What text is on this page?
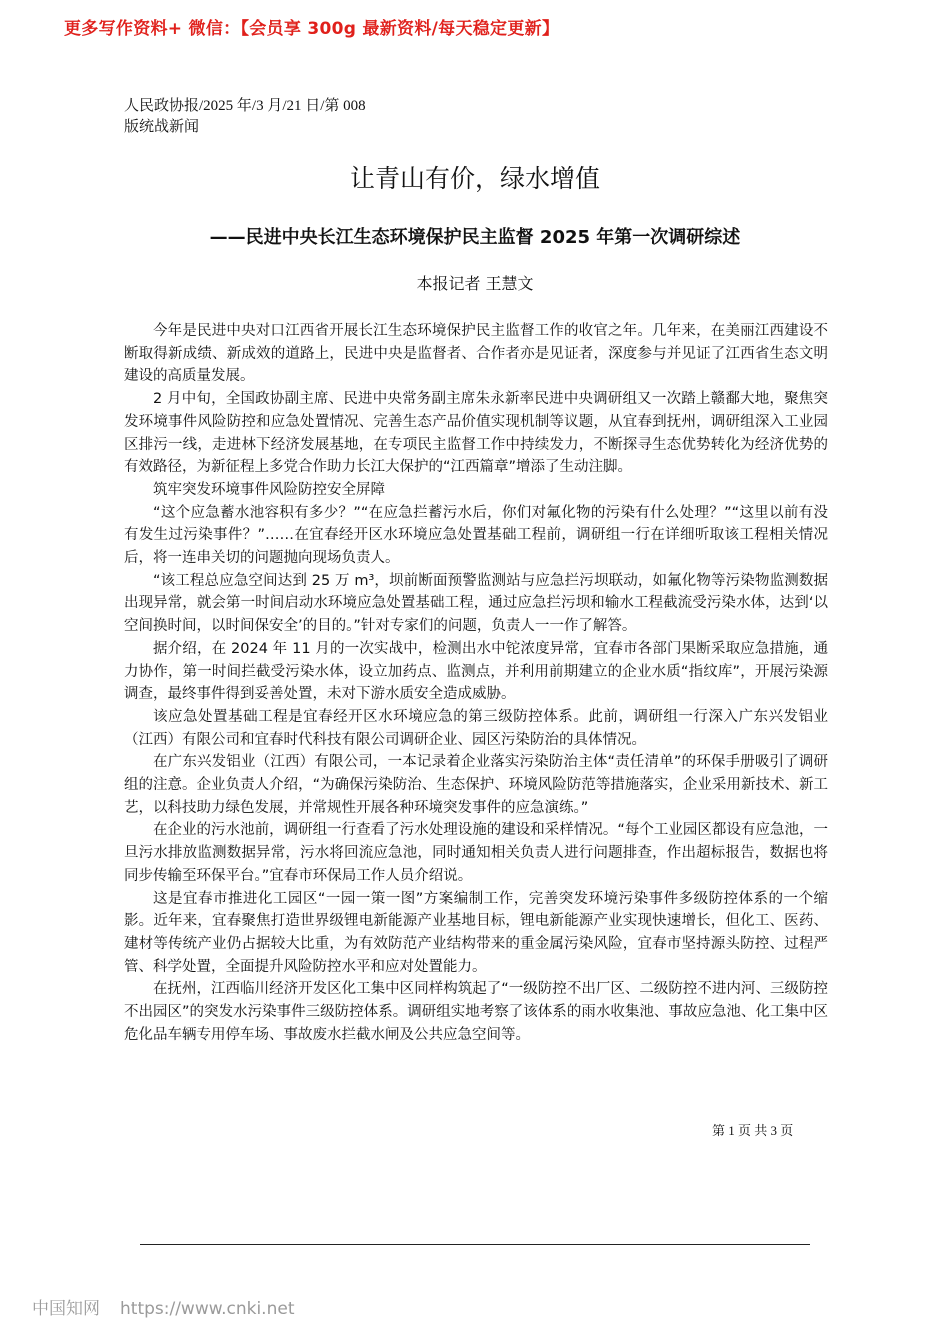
更多写作资料+ 微信：【会员享 300g 最新资料/每天稳定更新】
人民政协报/2025 年/3 月/21 日/第 008
版统战新闻
让青山有价，绿水增值
——民进中央长江生态环境保护民主监督 2025 年第一次调研综述
本报记者 王慧文

今年是民进中央对口江西省开展长江生态环境保护民主监督工作的收官之年。几年来，在美丽江西建设不断取得新成绩、新成效的道路上，民进中央是监督者、合作者亦是见证者，深度参与并见证了江西省生态文明建设的高质量发展。

2 月中旬，全国政协副主席、民进中央常务副主席朱永新率民进中央调研组又一次踏上赣鄱大地，聚焦突发环境事件风险防控和应急处置情况、完善生态产品价值实现机制等议题，从宜春到抚州，调研组深入工业园区排污一线，走进林下经济发展基地，在专项民主监督工作中持续发力，不断探寻生态优势转化为经济优势的有效路径，为新征程上多党合作助力长江大保护的“江西篇章”增添了生动注脚。

筑牢突发环境事件风险防控安全屏障

“这个应急蓄水池容积有多少？”“在应急拦蓄污水后，你们对氟化物的污染有什么处理？”“这里以前有没有发生过污染事件？”……在宜春经开区水环境应急处置基础工程前，调研组一行在详细听取该工程相关情况后，将一连串关切的问题抛向现场负责人。

“该工程总应急空间达到 25 万 m³，坝前断面预警监测站与应急拦污坝联动，如氟化物等污染物监测数据出现异常，就会第一时间启动水环境应急处置基础工程，通过应急拦污坝和输水工程截流受污染水体，达到‘以空间换时间，以时间保安全’的目的。”针对专家们的问题，负责人一一作了解答。

据介绍，在 2024 年 11 月的一次实战中，检测出水中铊浓度异常，宜春市各部门果断采取应急措施，通力协作，第一时间拦截受污染水体，设立加药点、监测点，并利用前期建立的企业水质“指纹库”，开展污染源调查，最终事件得到妥善处置，未对下游水质安全造成威胁。

该应急处置基础工程是宜春经开区水环境应急的第三级防控体系。此前，调研组一行深入广东兴发铝业（江西）有限公司和宜春时代科技有限公司调研企业、园区污染防治的具体情况。

在广东兴发铝业（江西）有限公司，一本记录着企业落实污染防治主体“责任清单”的环保手册吸引了调研组的注意。企业负责人介绍，“为确保污染防治、生态保护、环境风险防范等措施落实，企业采用新技术、新工艺，以科技助力绿色发展，并常规性开展各种环境突发事件的应急演练。”

在企业的污水池前，调研组一行查看了污水处理设施的建设和采样情况。“每个工业园区都设有应急池，一旦污水排放监测数据异常，污水将回流应急池，同时通知相关负责人进行问题排查，作出超标报告，数据也将同步传输至环保平台。”宜春市环保局工作人员介绍说。

这是宜春市推进化工园区“一园一策一图”方案编制工作，完善突发环境污染事件多级防控体系的一个缩影。近年来，宜春聚焦打造世界级锂电新能源产业基地目标，锂电新能源产业实现快速增长，但化工、医药、建材等传统产业仍占据较大比重，为有效防范产业结构带来的重金属污染风险，宜春市坚持源头防控、过程严管、科学处置，全面提升风险防控水平和应对处置能力。

在抚州，江西临川经济开发区化工集中区同样构筑起了“一级防控不出厂区、二级防控不进内河、三级防控不出园区”的突发水污染事件三级防控体系。调研组实地考察了该体系的雨水收集池、事故应急池、化工集中区危化品车辆专用停车场、事故废水拦截水闸及公共应急空间等。

第 1 页 共 3 页
中国知网 https://www.cnki.net
